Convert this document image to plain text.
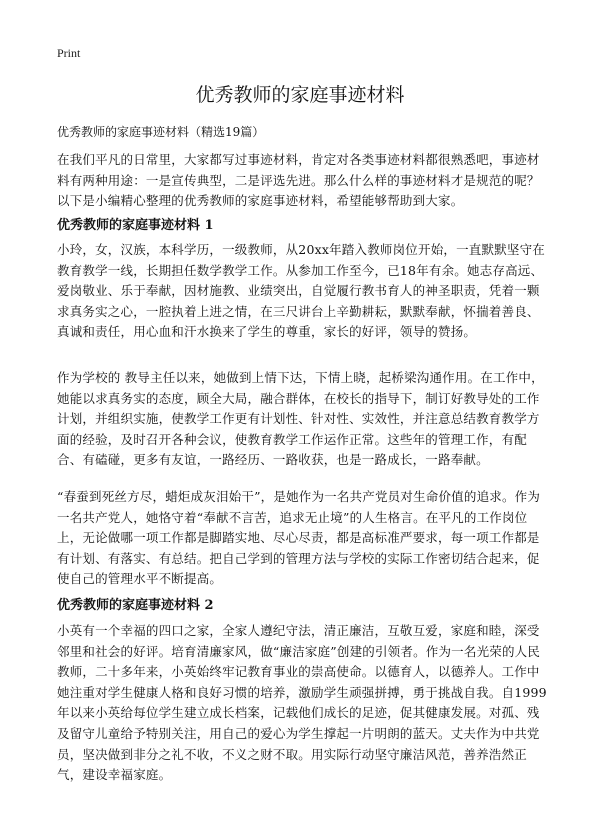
Print
优秀教师的家庭事迹材料

优秀教师的家庭事迹材料（精选19篇）

在我们平凡的日常里，大家都写过事迹材料，肯定对各类事迹材料都很熟悉吧，事迹材料有两种用途：一是宣传典型，二是评选先进。那么什么样的事迹材料才是规范的呢？以下是小编精心整理的优秀教师的家庭事迹材料，希望能够帮助到大家。

优秀教师的家庭事迹材料 1

小玲，女，汉族，本科学历，一级教师，从20xx年踏入教师岗位开始，一直默默坚守在教育教学一线，长期担任数学教学工作。从参加工作至今，已18年有余。她志存高远、爱岗敬业、乐于奉献，因材施教、业绩突出，自觉履行教书育人的神圣职责，凭着一颗求真务实之心，一腔执着上进之情，在三尺讲台上辛勤耕耘，默默奉献，怀揣着善良、真诚和责任，用心血和汗水换来了学生的尊重，家长的好评，领导的赞扬。

作为学校的 教导主任以来，她做到上情下达，下情上晓，起桥梁沟通作用。在工作中，她能以求真务实的态度，顾全大局，融合群体，在校长的指导下，制订好教导处的工作计划，并组织实施，使教学工作更有计划性、针对性、实效性，并注意总结教育教学方面的经验，及时召开各种会议，使教育教学工作运作正常。这些年的管理工作，有配合、有磕碰，更多有友谊，一路经历、一路收获，也是一路成长，一路奉献。

“春蚕到死丝方尽，蜡炬成灰泪始干”，是她作为一名共产党员对生命价值的追求。作为一名共产党人，她恪守着“奉献不言苦，追求无止境”的人生格言。在平凡的工作岗位上，无论做哪一项工作都是脚踏实地、尽心尽责，都是高标准严要求，每一项工作都是有计划、有落实、有总结。把自己学到的管理方法与学校的实际工作密切结合起来，促使自己的管理水平不断提高。

优秀教师的家庭事迹材料 2

小英有一个幸福的四口之家，全家人遵纪守法，清正廉洁，互敬互爱，家庭和睦，深受邻里和社会的好评。培育清廉家风，做“廉洁家庭”创建的引领者。作为一名光荣的人民教师，二十多年来，小英始终牢记教育事业的崇高使命。以德育人，以德养人。工作中她注重对学生健康人格和良好习惯的培养，激励学生顽强拼搏，勇于挑战自我。自1999年以来小英给每位学生建立成长档案，记载他们成长的足迹，促其健康发展。对孤、残及留守儿童给予特别关注，用自己的爱心为学生撑起一片明朗的蓝天。丈夫作为中共党员，坚决做到非分之礼不收，不义之财不取。用实际行动坚守廉洁风范，善养浩然正气，建设幸福家庭。
